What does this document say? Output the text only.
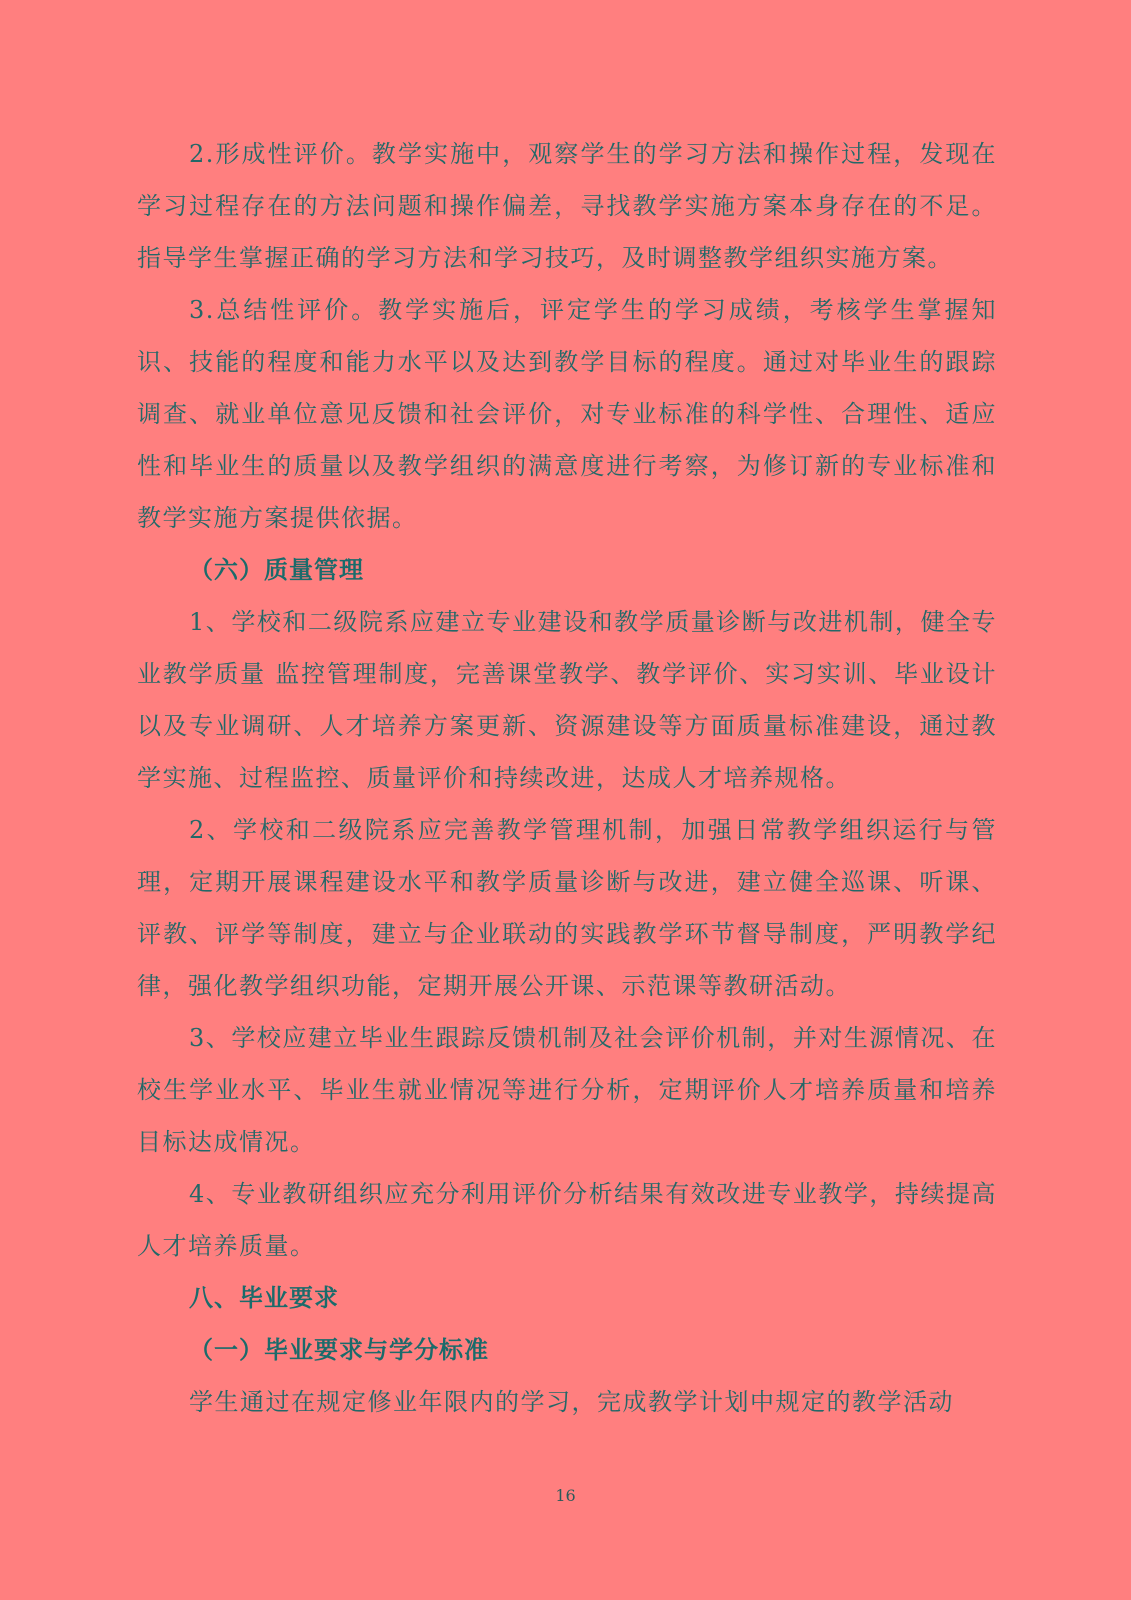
2.形成性评价。教学实施中，观察学生的学习方法和操作过程，发现在学习过程存在的方法问题和操作偏差，寻找教学实施方案本身存在的不足。指导学生掌握正确的学习方法和学习技巧，及时调整教学组织实施方案。

3.总结性评价。教学实施后，评定学生的学习成绩，考核学生掌握知识、技能的程度和能力水平以及达到教学目标的程度。通过对毕业生的跟踪调查、就业单位意见反馈和社会评价，对专业标准的科学性、合理性、适应性和毕业生的质量以及教学组织的满意度进行考察，为修订新的专业标准和教学实施方案提供依据。

（六）质量管理

1、学校和二级院系应建立专业建设和教学质量诊断与改进机制，健全专业教学质量 监控管理制度，完善课堂教学、教学评价、实习实训、毕业设计以及专业调研、人才培养方案更新、资源建设等方面质量标准建设，通过教学实施、过程监控、质量评价和持续改进，达成人才培养规格。

2、学校和二级院系应完善教学管理机制，加强日常教学组织运行与管理，定期开展课程建设水平和教学质量诊断与改进，建立健全巡课、听课、评教、评学等制度，建立与企业联动的实践教学环节督导制度，严明教学纪律，强化教学组织功能，定期开展公开课、示范课等教研活动。

3、学校应建立毕业生跟踪反馈机制及社会评价机制，并对生源情况、在校生学业水平、毕业生就业情况等进行分析，定期评价人才培养质量和培养目标达成情况。

4、专业教研组织应充分利用评价分析结果有效改进专业教学，持续提高人才培养质量。

八、毕业要求

（一）毕业要求与学分标准

学生通过在规定修业年限内的学习，完成教学计划中规定的教学活动

16
